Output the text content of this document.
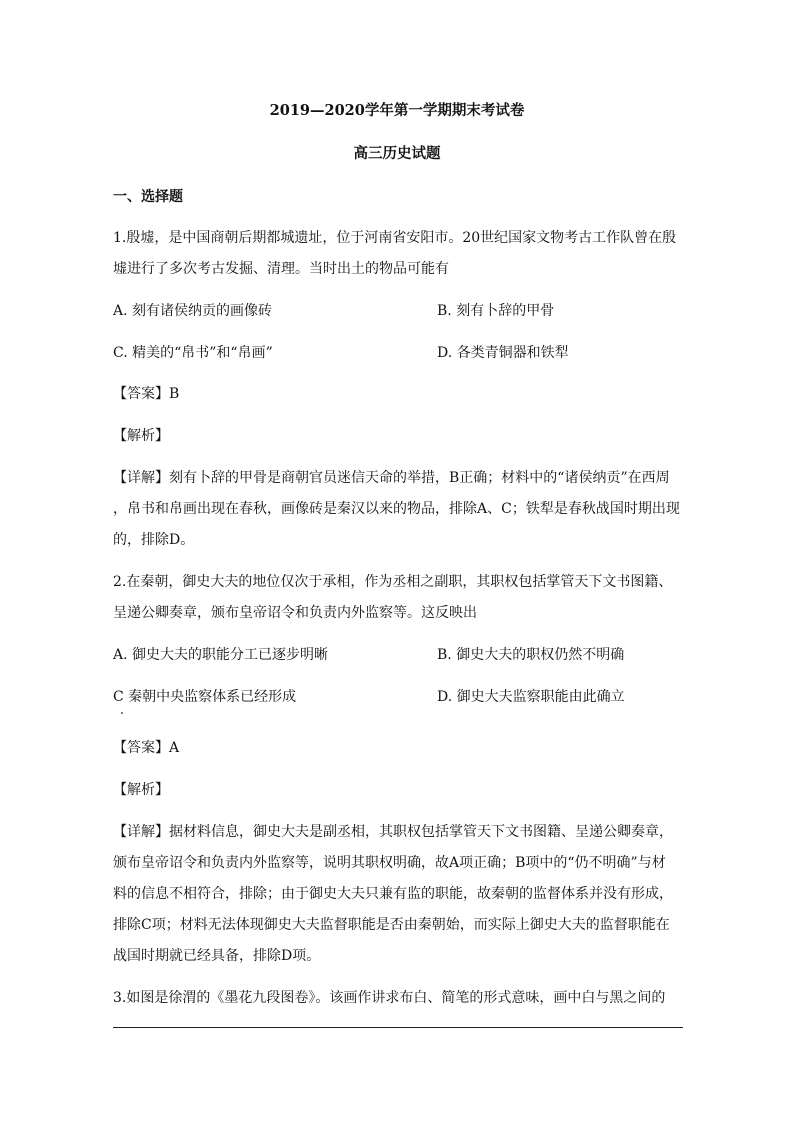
2019—2020学年第一学期期末考试卷
高三历史试题
一、选择题
1.殷墟，是中国商朝后期都城遗址，位于河南省安阳市。20世纪国家文物考古工作队曾在殷
墟进行了多次考古发掘、清理。当时出土的物品可能有
A. 刻有诸侯纳贡的画像砖	B. 刻有卜辞的甲骨
C. 精美的“帛书”和“帛画”	D. 各类青铜器和铁犁
【答案】B
【解析】
【详解】刻有卜辞的甲骨是商朝官员迷信天命的举措，B正确；材料中的“诸侯纳贡”在西周
，帛书和帛画出现在春秋，画像砖是秦汉以来的物品，排除A、C；铁犁是春秋战国时期出现
的，排除D。
2.在秦朝，御史大夫的地位仅次于承相，作为丞相之副职，其职权包括掌管天下文书图籍、
呈递公卿奏章，颁布皇帝诏令和负责内外监察等。这反映出
A. 御史大夫的职能分工已逐步明晰	B. 御史大夫的职权仍然不明确
C 秦朝中央监察体系已经形成	D. 御史大夫监察职能由此确立
【答案】A
【解析】
【详解】据材料信息，御史大夫是副丞相，其职权包括掌管天下文书图籍、呈递公卿奏章，
颁布皇帝诏令和负责内外监察等，说明其职权明确，故A项正确；B项中的“仍不明确”与材
料的信息不相符合，排除；由于御史大夫只兼有监的职能，故秦朝的监督体系并没有形成，
排除C项；材料无法体现御史大夫监督职能是否由秦朝始，而实际上御史大夫的监督职能在
战国时期就已经具备，排除D项。
3.如图是徐渭的《墨花九段图卷》。该画作讲求布白、简笔的形式意味，画中白与黑之间的
